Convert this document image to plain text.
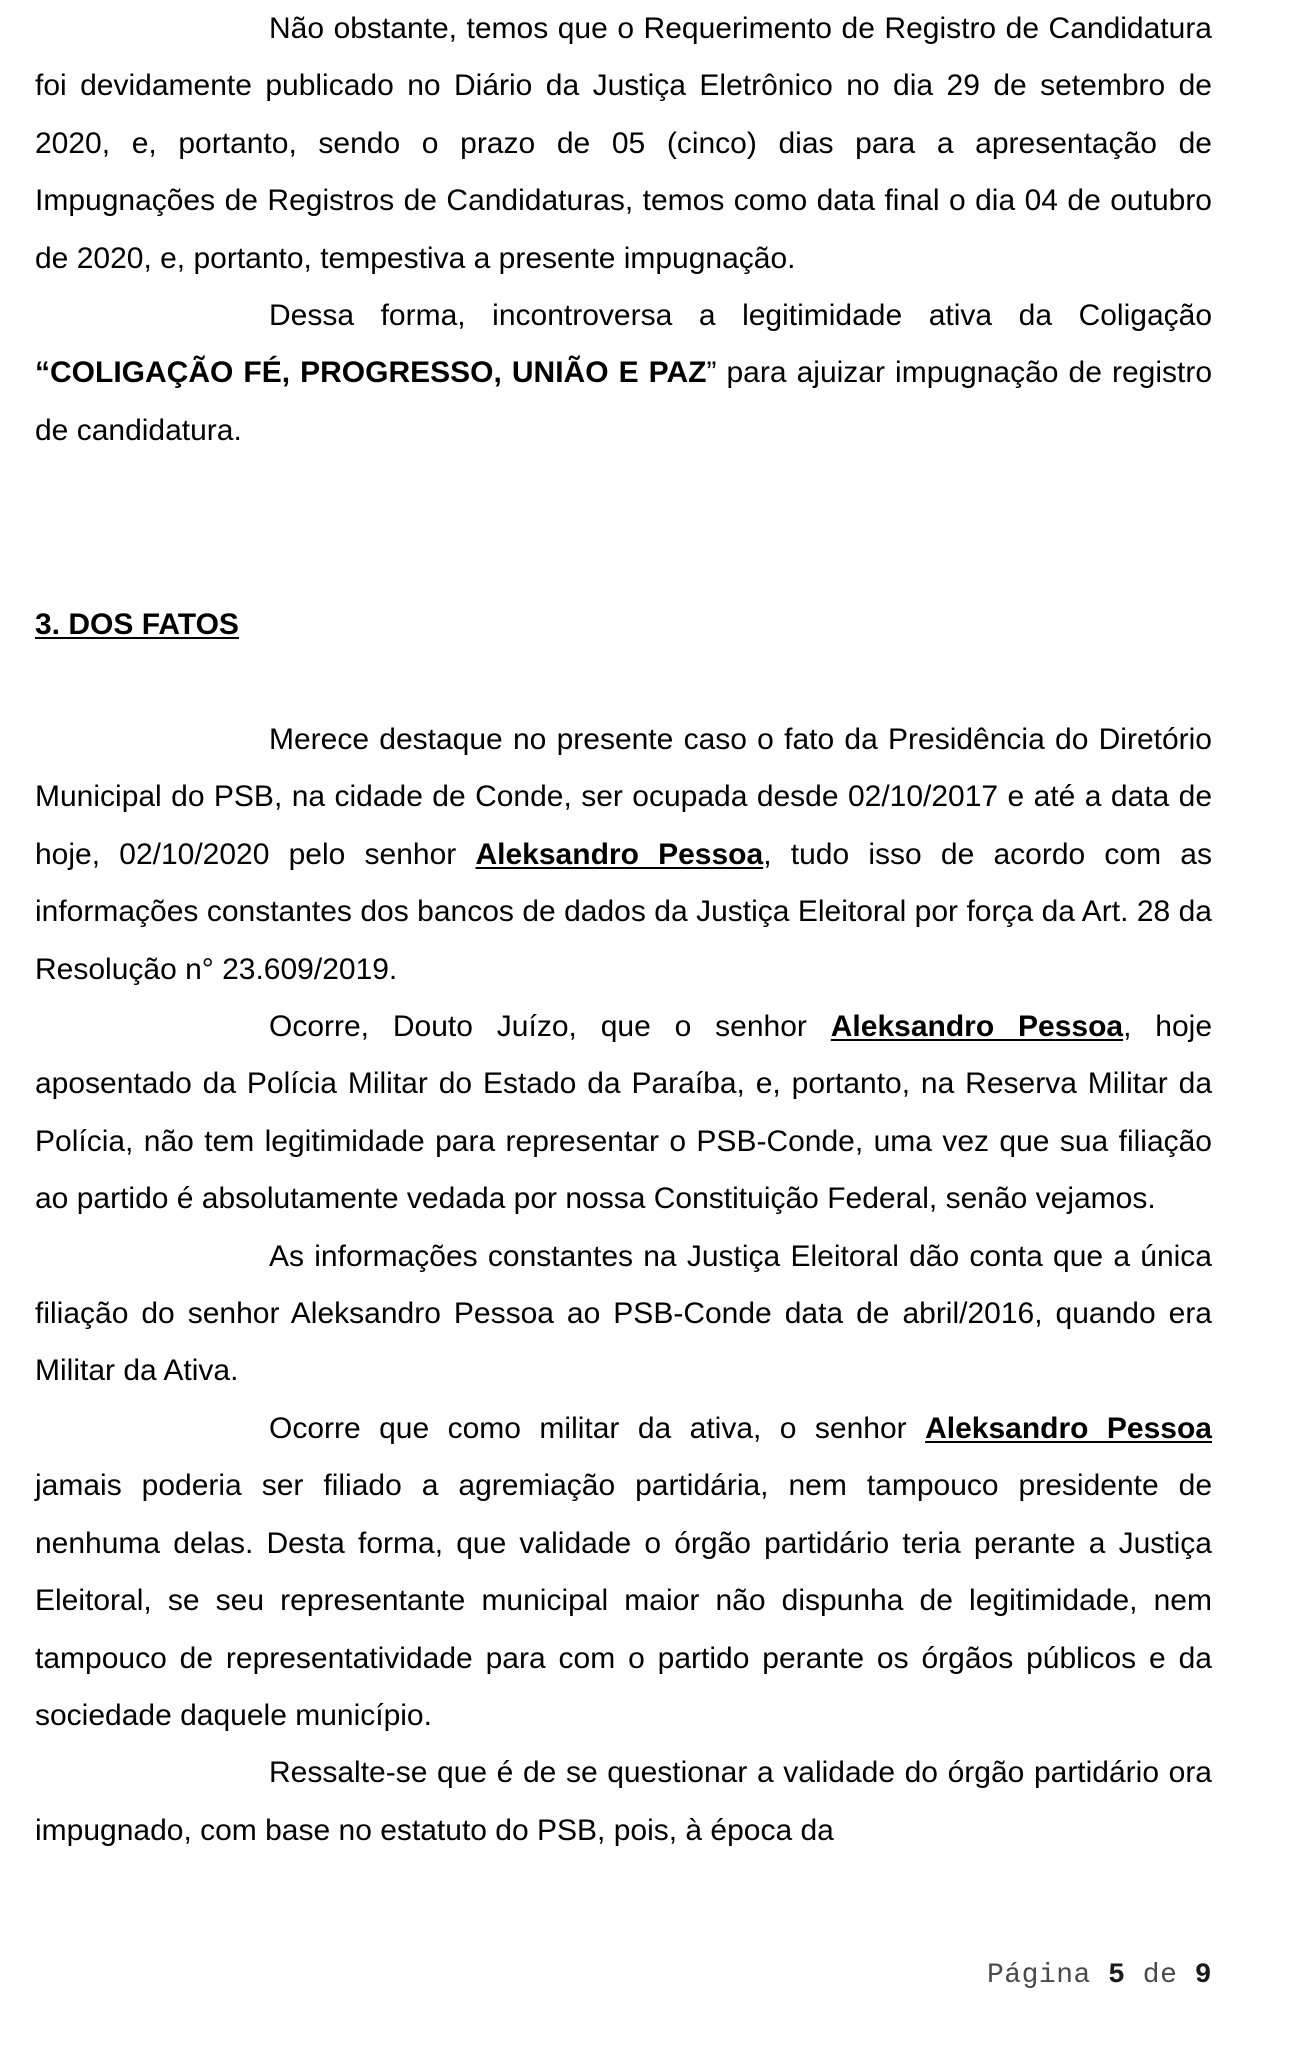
Não obstante, temos que o Requerimento de Registro de Candidatura foi devidamente publicado no Diário da Justiça Eletrônico no dia 29 de setembro de 2020, e, portanto, sendo o prazo de 05 (cinco) dias para a apresentação de Impugnações de Registros de Candidaturas, temos como data final o dia 04 de outubro de 2020, e, portanto, tempestiva a presente impugnação.

Dessa forma, incontroversa a legitimidade ativa da Coligação “COLIGAÇÃO FÉ, PROGRESSO, UNIÃO E PAZ” para ajuizar impugnação de registro de candidatura.

3. DOS FATOS

Merece destaque no presente caso o fato da Presidência do Diretório Municipal do PSB, na cidade de Conde, ser ocupada desde 02/10/2017 e até a data de hoje, 02/10/2020 pelo senhor Aleksandro Pessoa, tudo isso de acordo com as informações constantes dos bancos de dados da Justiça Eleitoral por força da Art. 28 da Resolução n° 23.609/2019.

Ocorre, Douto Juízo, que o senhor Aleksandro Pessoa, hoje aposentado da Polícia Militar do Estado da Paraíba, e, portanto, na Reserva Militar da Polícia, não tem legitimidade para representar o PSB-Conde, uma vez que sua filiação ao partido é absolutamente vedada por nossa Constituição Federal, senão vejamos.

As informações constantes na Justiça Eleitoral dão conta que a única filiação do senhor Aleksandro Pessoa ao PSB-Conde data de abril/2016, quando era Militar da Ativa.

Ocorre que como militar da ativa, o senhor Aleksandro Pessoa jamais poderia ser filiado a agremiação partidária, nem tampouco presidente de nenhuma delas. Desta forma, que validade o órgão partidário teria perante a Justiça Eleitoral, se seu representante municipal maior não dispunha de legitimidade, nem tampouco de representatividade para com o partido perante os órgãos públicos e da sociedade daquele município.

Ressalte-se que é de se questionar a validade do órgão partidário ora impugnado, com base no estatuto do PSB, pois, à época da

Página 5 de 9
